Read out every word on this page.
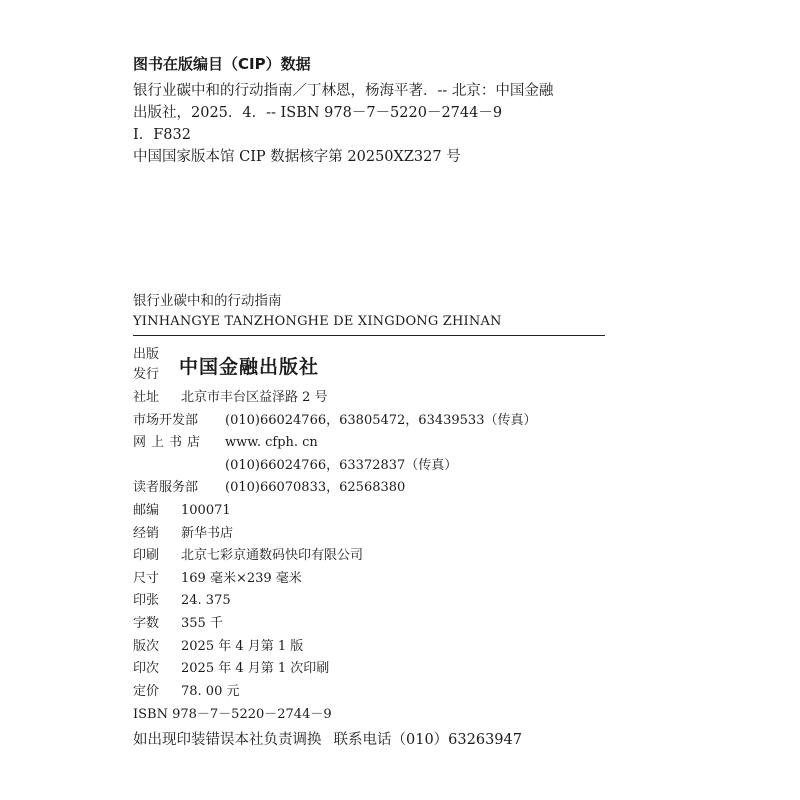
图书在版编目（CIP）数据
银行业碳中和的行动指南／丁林恩，杨海平著．-- 北京：中国金融
出版社，2025．4．-- ISBN 978－7－5220－2744－9
Ⅰ．F832
中国国家版本馆 CIP 数据核字第 20250XZ327 号
银行业碳中和的行动指南
YINHANGYE TANZHONGHE DE XINGDONG ZHINAN
出版
发行	中国金融出版社
社址	北京市丰台区益泽路 2 号
市场开发部	(010)66024766，63805472，63439533（传真）
网上书店	www. cfph. cn
(010)66024766，63372837（传真）
读者服务部	(010)66070833，62568380
邮编	100071
经销	新华书店
印刷	北京七彩京通数码快印有限公司
尺寸	169 毫米×239 毫米
印张	24. 375
字数	355 千
版次	2025 年 4 月第 1 版
印次	2025 年 4 月第 1 次印刷
定价	78. 00 元
ISBN 978－7－5220－2744－9
如出现印装错误本社负责调换 联系电话（010）63263947
